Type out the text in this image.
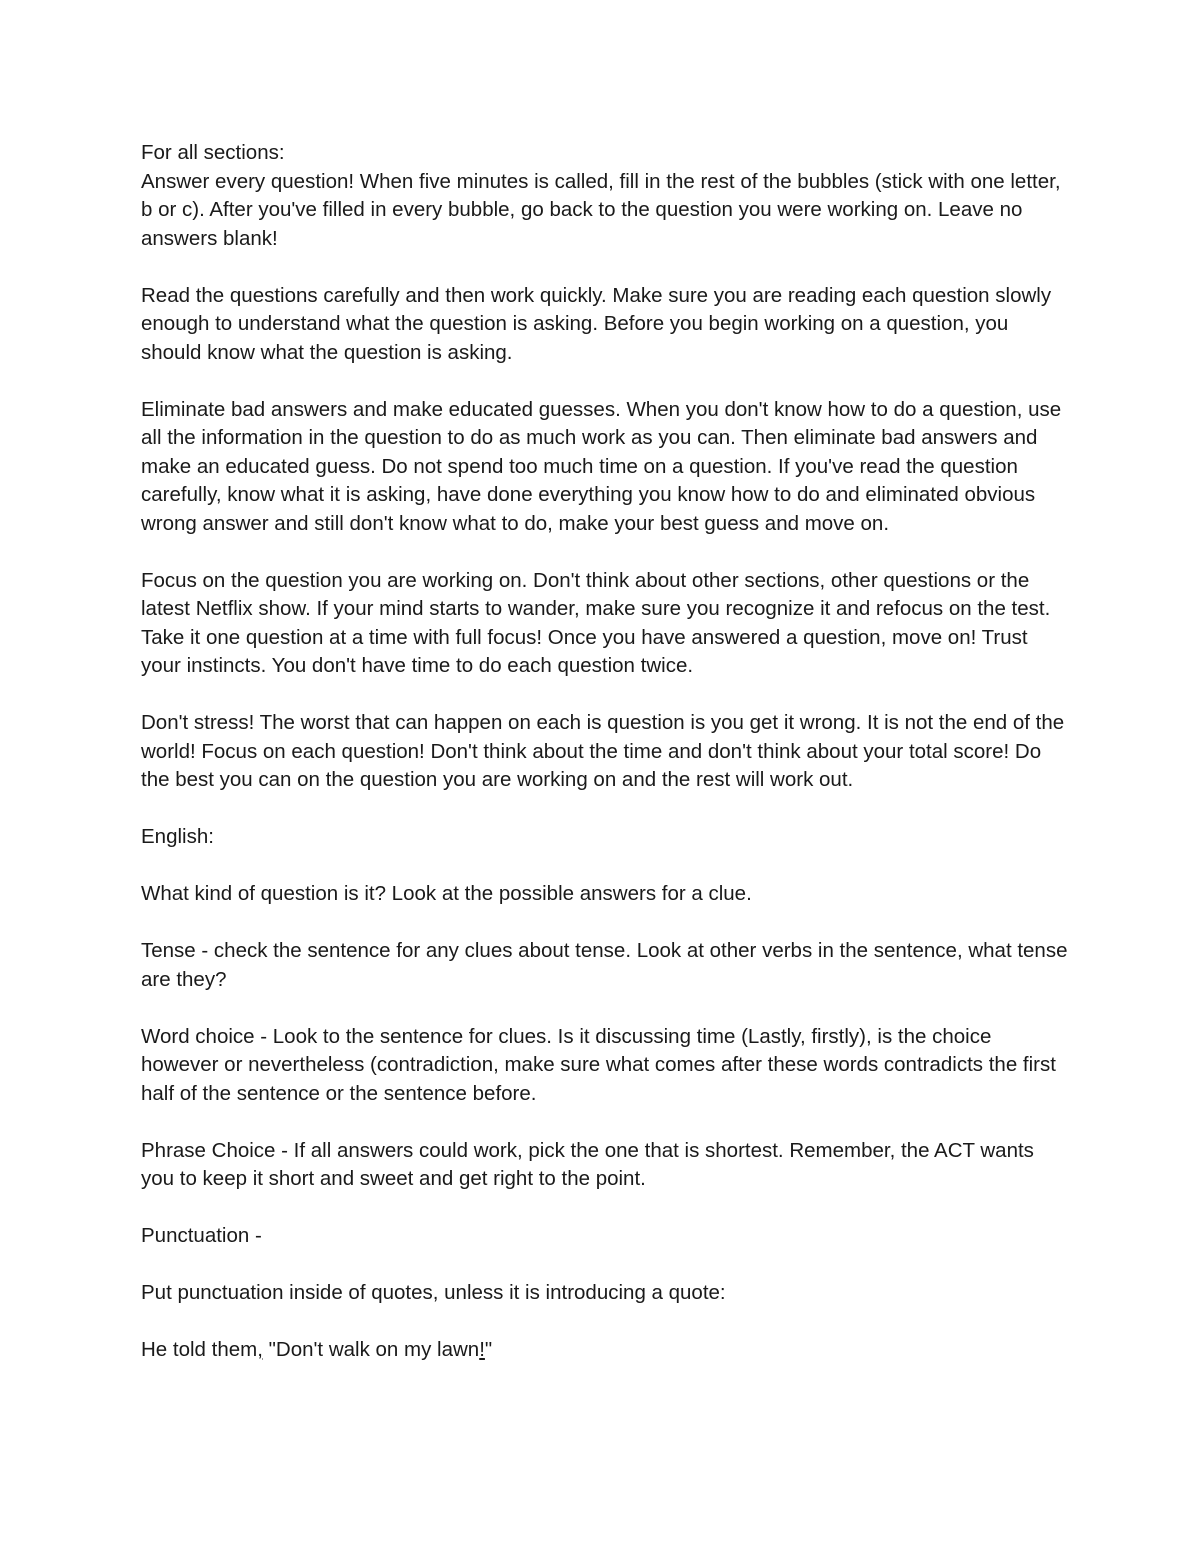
For all sections:

Answer every question! When five minutes is called, fill in the rest of the bubbles (stick with one letter, b or c). After you've filled in every bubble, go back to the question you were working on. Leave no answers blank!

Read the questions carefully and then work quickly. Make sure you are reading each question slowly enough to understand what the question is asking. Before you begin working on a question, you should know what the question is asking.

Eliminate bad answers and make educated guesses. When you don't know how to do a question, use all the information in the question to do as much work as you can. Then eliminate bad answers and make an educated guess. Do not spend too much time on a question. If you've read the question carefully, know what it is asking, have done everything you know how to do and eliminated obvious wrong answer and still don't know what to do, make your best guess and move on.

Focus on the question you are working on. Don't think about other sections, other questions or the latest Netflix show. If your mind starts to wander, make sure you recognize it and refocus on the test. Take it one question at a time with full focus! Once you have answered a question, move on! Trust your instincts. You don't have time to do each question twice.

Don't stress! The worst that can happen on each is question is you get it wrong. It is not the end of the world! Focus on each question! Don't think about the time and don't think about your total score! Do the best you can on the question you are working on and the rest will work out.

English:

What kind of question is it? Look at the possible answers for a clue.

Tense - check the sentence for any clues about tense. Look at other verbs in the sentence, what tense are they?

Word choice - Look to the sentence for clues. Is it discussing time (Lastly, firstly), is the choice however or nevertheless (contradiction, make sure what comes after these words contradicts the first half of the sentence or the sentence before.

Phrase Choice - If all answers could work, pick the one that is shortest. Remember, the ACT wants you to keep it short and sweet and get right to the point.

Punctuation -

Put punctuation inside of quotes, unless it is introducing a quote:

He told them, "Don't walk on my lawn!"
